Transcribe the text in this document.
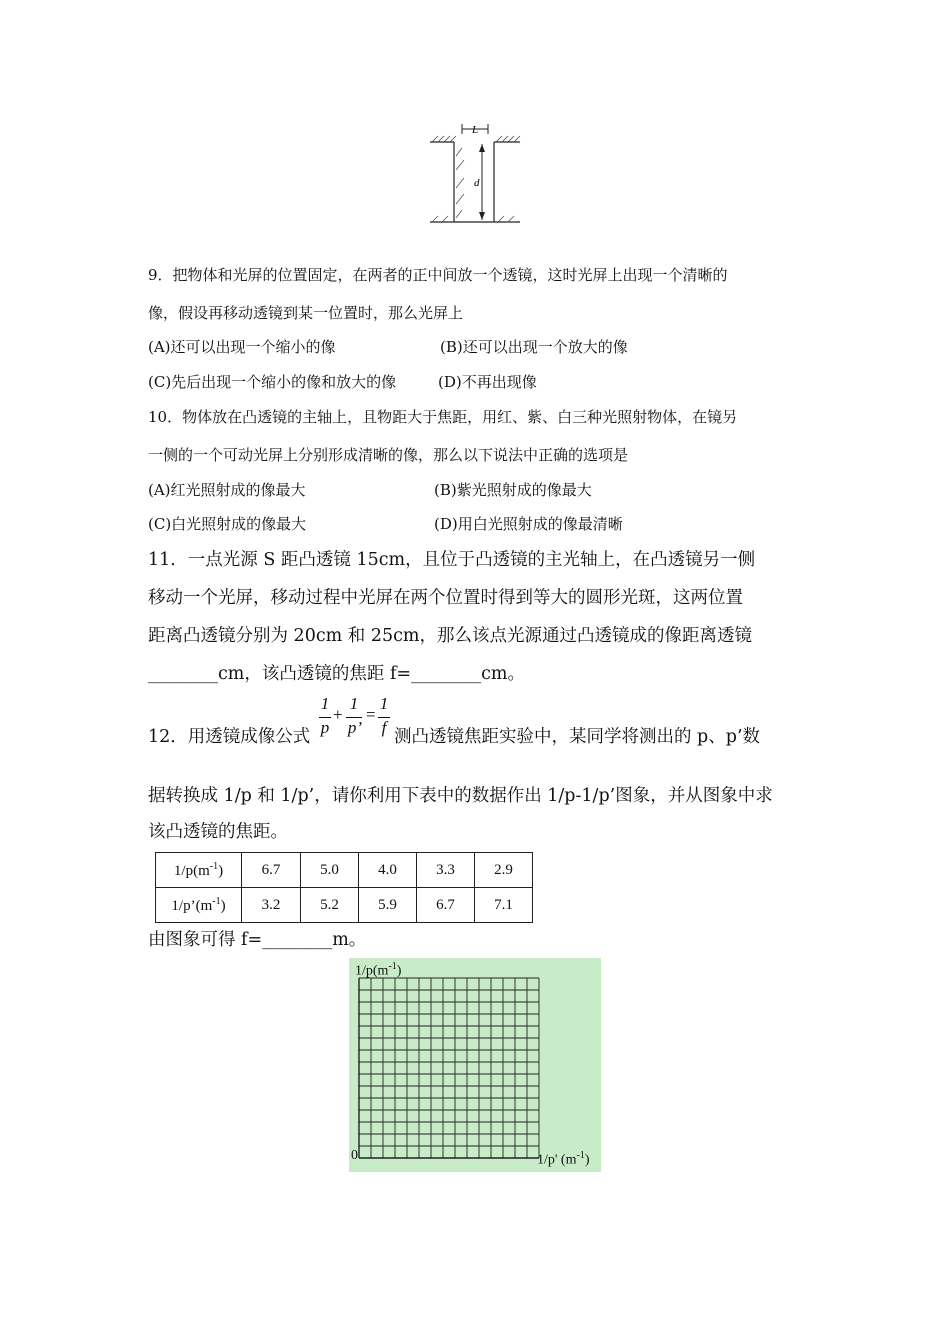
L
d
9．把物体和光屏的位置固定，在两者的正中间放一个透镜，这时光屏上出现一个清晰的
像，假设再移动透镜到某一位置时，那么光屏上
(A)还可以出现一个缩小的像	(B)还可以出现一个放大的像
(C)先后出现一个缩小的像和放大的像	(D)不再出现像
10．物体放在凸透镜的主轴上，且物距大于焦距，用红、紫、白三种光照射物体，在镜另
一侧的一个可动光屏上分别形成清晰的像，那么以下说法中正确的选项是
(A)红光照射成的像最大	(B)紫光照射成的像最大
(C)白光照射成的像最大	(D)用白光照射成的像最清晰
11．一点光源 S 距凸透镜 15cm，且位于凸透镜的主光轴上，在凸透镜另一侧
移动一个光屏，移动过程中光屏在两个位置时得到等大的圆形光斑，这两位置
距离凸透镜分别为 20cm 和 25cm，那么该点光源通过凸透镜成的像距离透镜
________cm，该凸透镜的焦距 f=________cm。
12．用透镜成像公式
1
p
+
1
p’
=
1
f 测凸透镜焦距实验中，某同学将测出的 p、p’数
据转换成 1/p 和 1/p’，请你利用下表中的数据作出 1/p-1/p’图象，并从图象中求
该凸透镜的焦距。
$1/p(m^{-1})$	6.7	5.0	4.0	3.3	2.9
$1/p’(m^{-1})$	3.2	5.2	5.9	6.7	7.1
由图象可得 f=________m。
$1/p(m^{-1})$
1/p' $(m^{-1})$
0
